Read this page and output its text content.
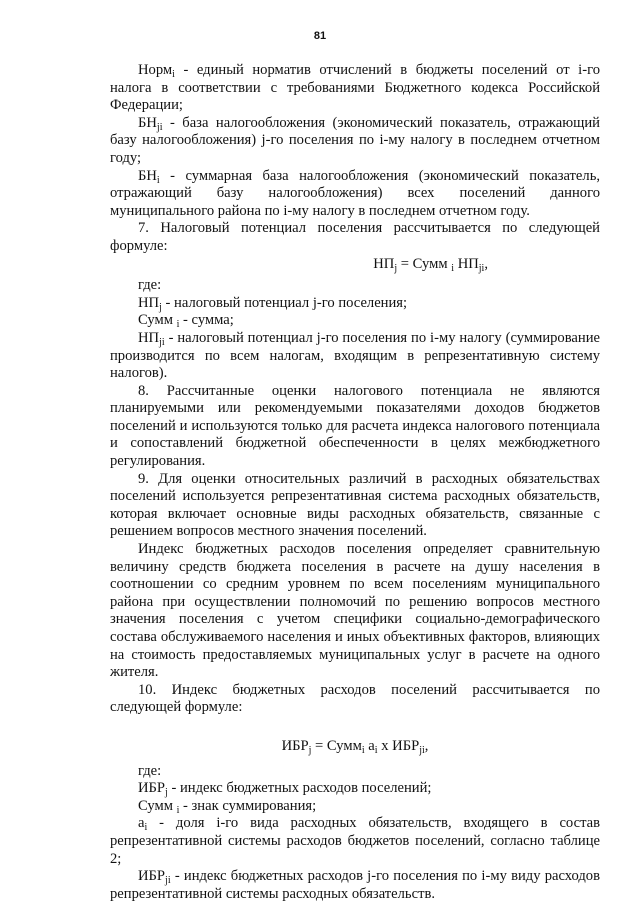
81

Норм$_i$ - единый норматив отчислений в бюджеты поселений от i-го налога в соответствии с требованиями Бюджетного кодекса Российской Федерации;

$БН_{ji}$ - база налогообложения (экономический показатель, отражающий базу налогообложения) j-го поселения по i-му налогу в последнем отчетном году;

$БН_i$ - суммарная база налогообложения (экономический показатель, отражающий базу налогообложения) всех поселений данного муниципального района по i-му налогу в последнем отчетном году.

7. Налоговый потенциал поселения рассчитывается по следующей формуле:

$НП_j$ = Сумм $_i$ $НП_{ji}$,

где:

$НП_j$ - налоговый потенциал j-го поселения;

Сумм $_i$ - сумма;

$НП_{ji}$ - налоговый потенциал j-го поселения по i-му налогу (суммирование производится по всем налогам, входящим в репрезентативную систему налогов).

8. Рассчитанные оценки налогового потенциала не являются планируемыми или рекомендуемыми показателями доходов бюджетов поселений и используются только для расчета индекса налогового потенциала и сопоставлений бюджетной обеспеченности в целях межбюджетного регулирования.

9. Для оценки относительных различий в расходных обязательствах поселений используется репрезентативная система расходных обязательств, которая включает основные виды расходных обязательств, связанные с решением вопросов местного значения поселений.

Индекс бюджетных расходов поселения определяет сравнительную величину средств бюджета поселения в расчете на душу населения в соотношении со средним уровнем по всем поселениям муниципального района при осуществлении полномочий по решению вопросов местного значения поселения с учетом специфики социально-демографического состава обслуживаемого населения и иных объективных факторов, влияющих на стоимость предоставляемых муниципальных услуг в расчете на одного жителя.

10. Индекс бюджетных расходов поселений рассчитывается по следующей формуле:

$ИБР_j$ = Сумм$_i$ $a_i$ x $ИБР_{ji}$,

где:

$ИБР_j$ - индекс бюджетных расходов поселений;

Сумм $_i$ - знак суммирования;

$a_i$ - доля i-го вида расходных обязательств, входящего в состав репрезентативной системы расходов бюджетов поселений, согласно таблице 2;

$ИБР_{ji}$ - индекс бюджетных расходов j-го поселения по i-му виду расходов репрезентативной системы расходных обязательств.
